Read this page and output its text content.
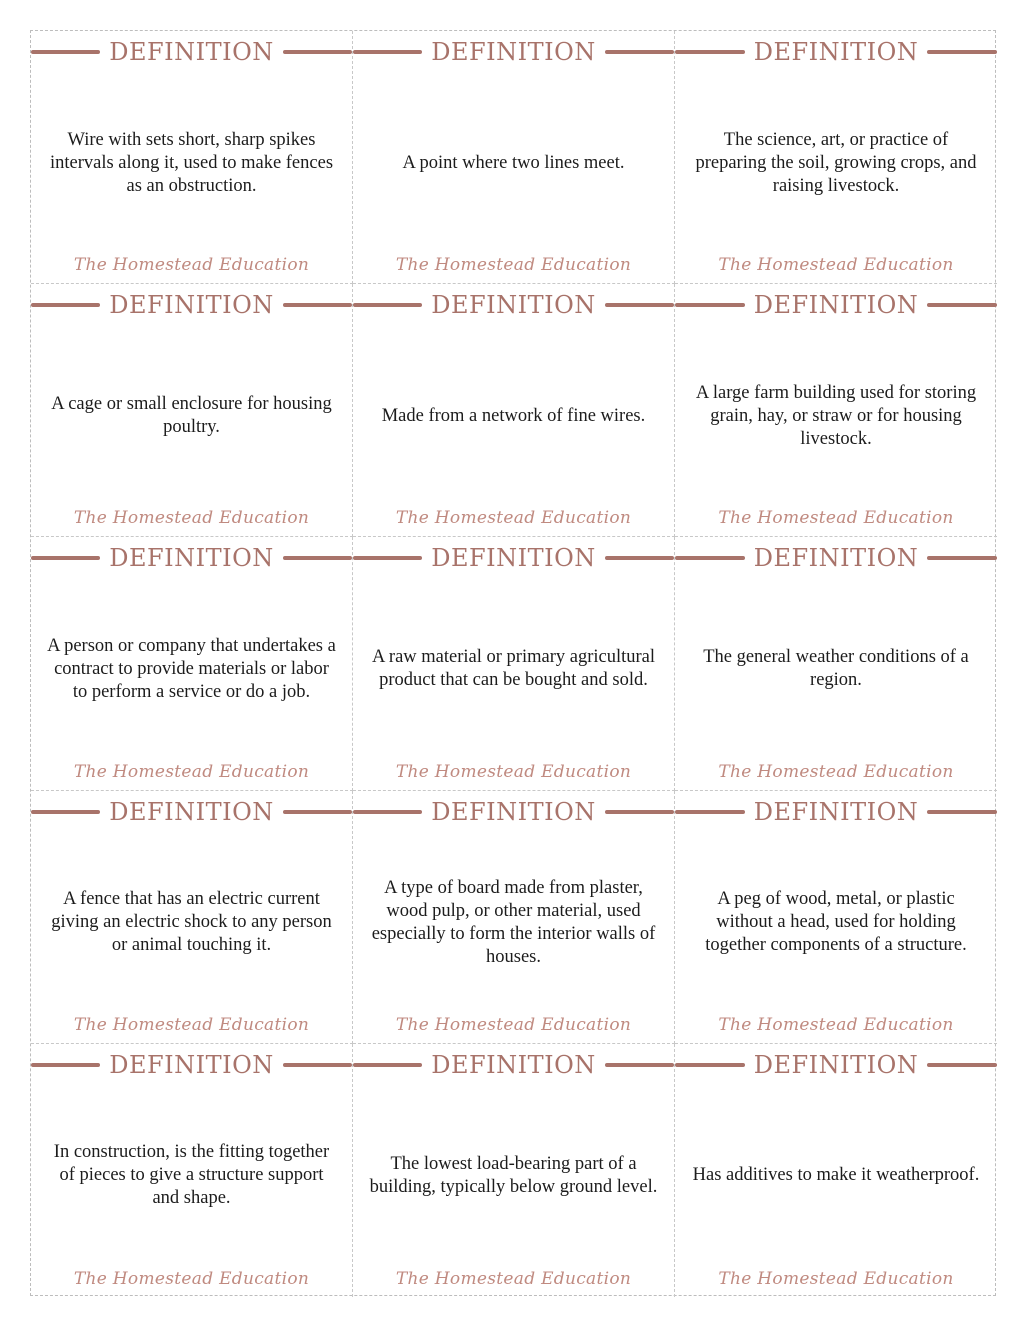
DEFINITION
Wire with sets short, sharp spikes intervals along it, used to make fences as an obstruction.
The Homestead Education
DEFINITION
A point where two lines meet.
The Homestead Education
DEFINITION
The science, art, or practice of preparing the soil, growing crops, and raising livestock.
The Homestead Education
DEFINITION
A cage or small enclosure for housing poultry.
The Homestead Education
DEFINITION
Made from a network of fine wires.
The Homestead Education
DEFINITION
A large farm building used for storing grain, hay, or straw or for housing livestock.
The Homestead Education
DEFINITION
A person or company that undertakes a contract to provide materials or labor to perform a service or do a job.
The Homestead Education
DEFINITION
A raw material or primary agricultural product that can be bought and sold.
The Homestead Education
DEFINITION
The general weather conditions of a region.
The Homestead Education
DEFINITION
A fence that has an electric current giving an electric shock to any person or animal touching it.
The Homestead Education
DEFINITION
A type of board made from plaster, wood pulp, or other material, used especially to form the interior walls of houses.
The Homestead Education
DEFINITION
A peg of wood, metal, or plastic without a head, used for holding together components of a structure.
The Homestead Education
DEFINITION
In construction, is the fitting together of pieces to give a structure support and shape.
The Homestead Education
DEFINITION
The lowest load-bearing part of a building, typically below ground level.
The Homestead Education
DEFINITION
Has additives to make it weatherproof.
The Homestead Education
